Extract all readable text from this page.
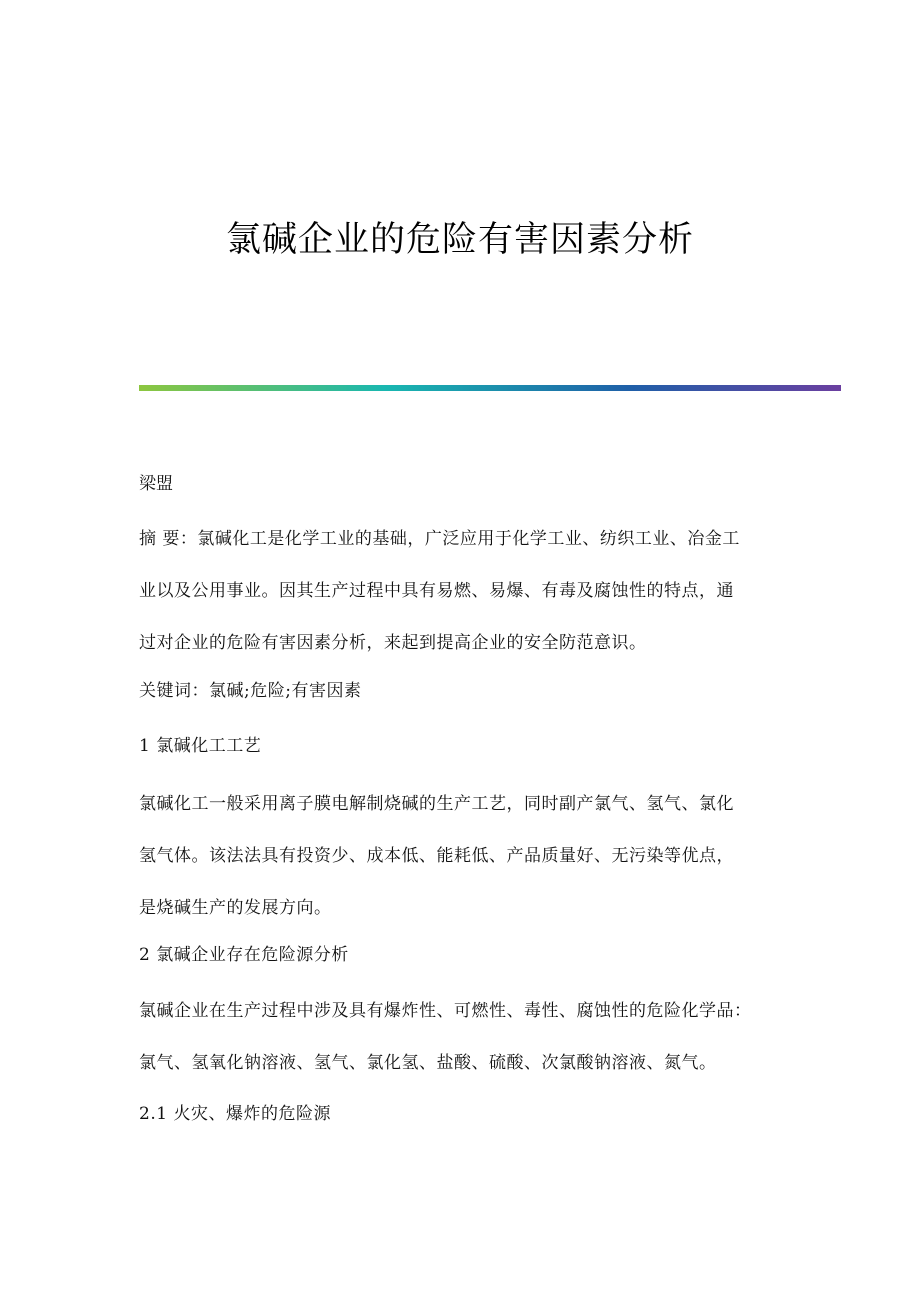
氯碱企业的危险有害因素分析
梁盟
摘 要：氯碱化工是化学工业的基础，广泛应用于化学工业、纺织工业、冶金工
业以及公用事业。因其生产过程中具有易燃、易爆、有毒及腐蚀性的特点，通
过对企业的危险有害因素分析，来起到提高企业的安全防范意识。
关键词：氯碱;危险;有害因素
1 氯碱化工工艺
氯碱化工一般采用离子膜电解制烧碱的生产工艺，同时副产氯气、氢气、氯化
氢气体。该法法具有投资少、成本低、能耗低、产品质量好、无污染等优点，
是烧碱生产的发展方向。
2 氯碱企业存在危险源分析
氯碱企业在生产过程中涉及具有爆炸性、可燃性、毒性、腐蚀性的危险化学品：
氯气、氢氧化钠溶液、氢气、氯化氢、盐酸、硫酸、次氯酸钠溶液、氮气。
2.1 火灾、爆炸的危险源
